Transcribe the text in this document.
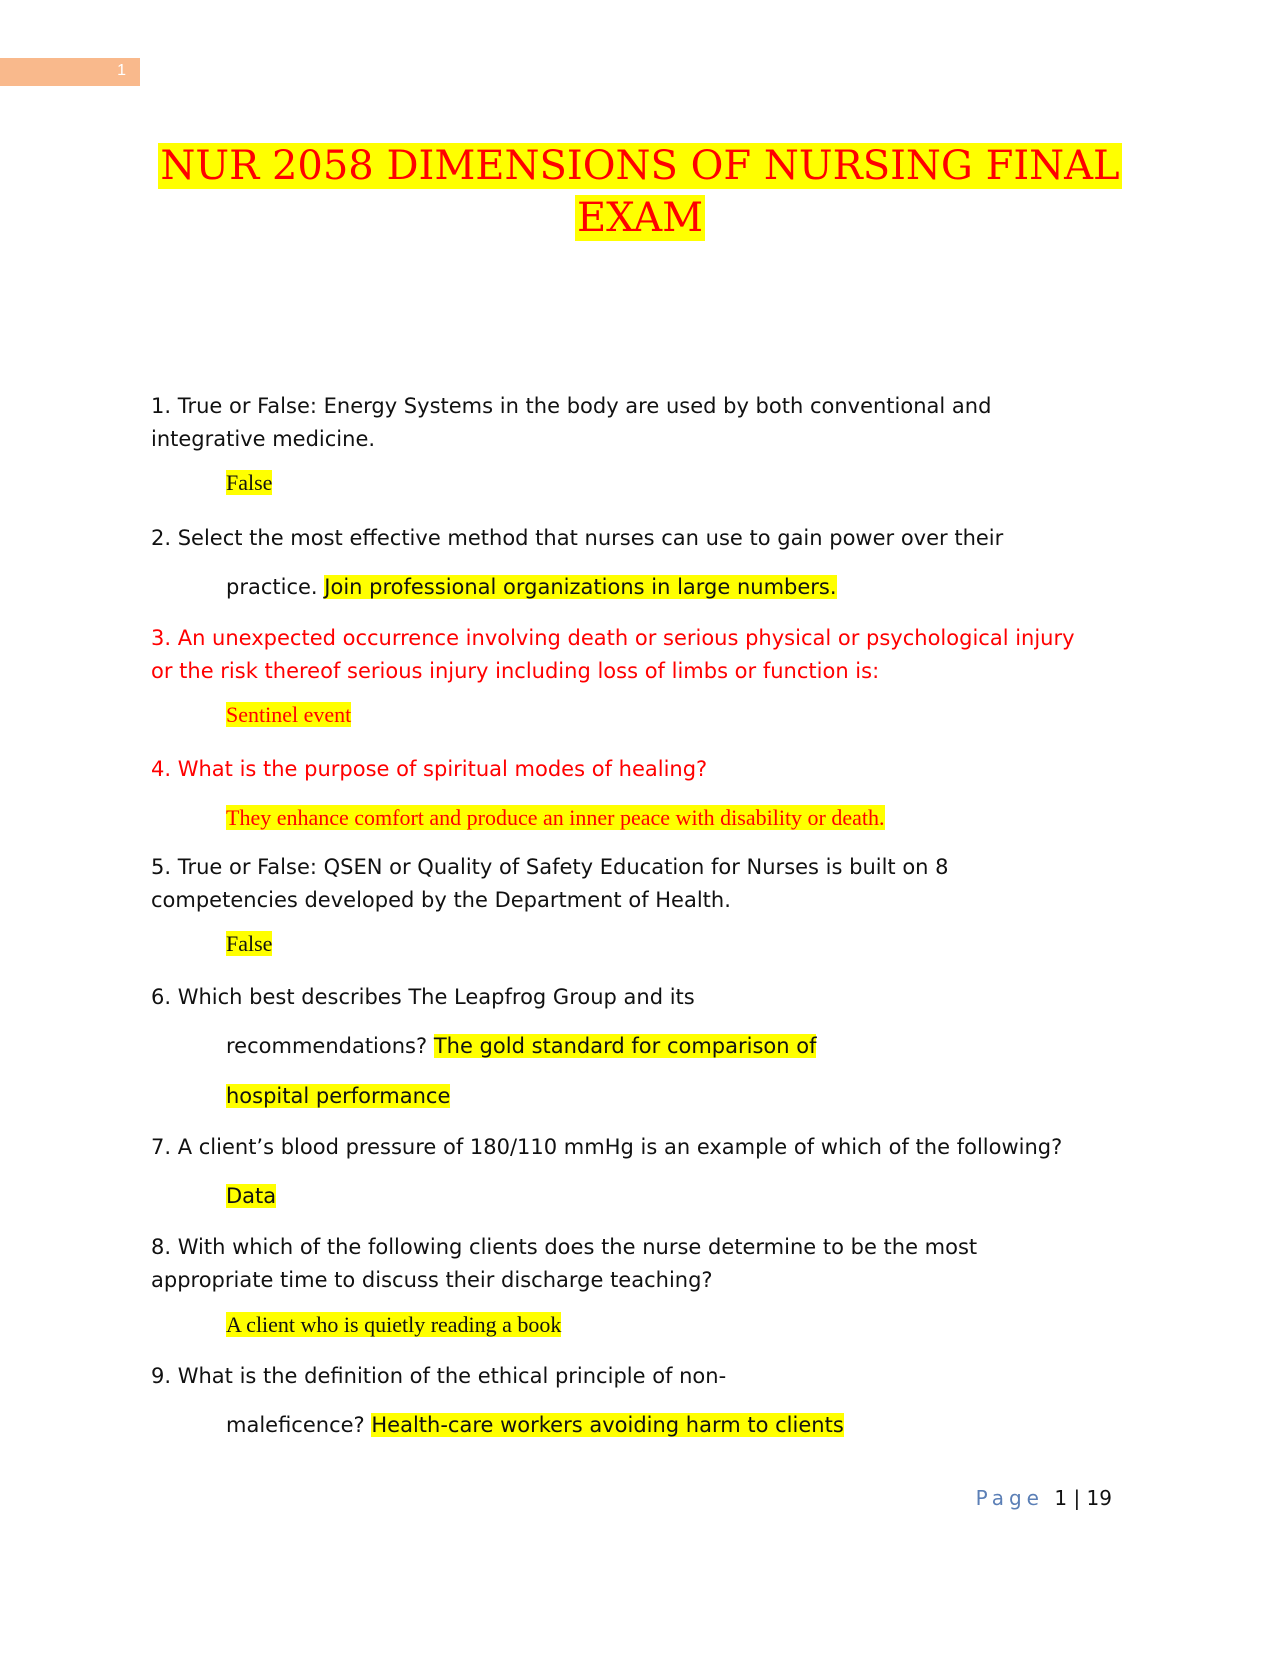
1
NUR 2058 DIMENSIONS OF NURSING FINAL
EXAM
1. True or False: Energy Systems in the body are used by both conventional and integrative medicine.
False
2. Select the most effective method that nurses can use to gain power over their
practice. Join professional organizations in large numbers.
3. An unexpected occurrence involving death or serious physical or psychological injury or the risk thereof serious injury including loss of limbs or function is:
Sentinel event
4. What is the purpose of spiritual modes of healing?
They enhance comfort and produce an inner peace with disability or death.
5. True or False: QSEN or Quality of Safety Education for Nurses is built on 8 competencies developed by the Department of Health.
False
6. Which best describes The Leapfrog Group and its
recommendations? The gold standard for comparison of
hospital performance
7. A client’s blood pressure of 180/110 mmHg is an example of which of the following?
Data
8. With which of the following clients does the nurse determine to be the most appropriate time to discuss their discharge teaching?
A client who is quietly reading a book
9. What is the definition of the ethical principle of non-
maleficence? Health-care workers avoiding harm to clients
Page 1 | 19
